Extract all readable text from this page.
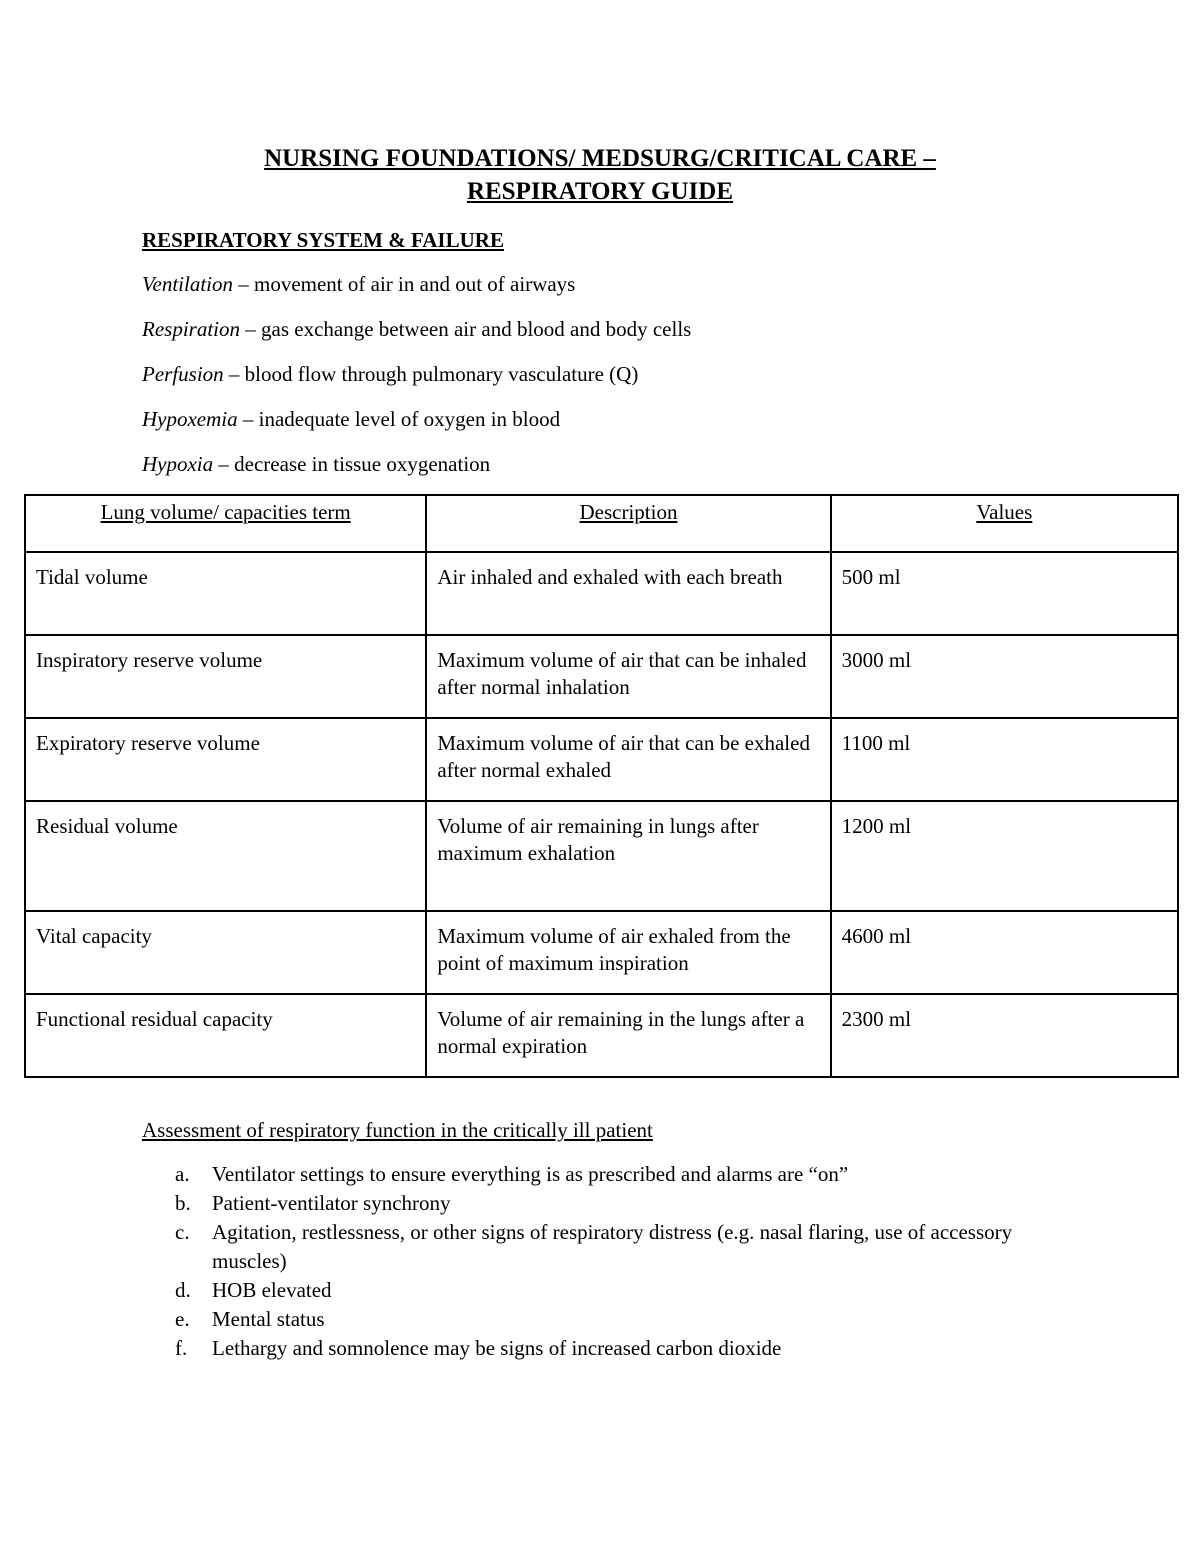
NURSING FOUNDATIONS/ MEDSURG/CRITICAL CARE –
RESPIRATORY GUIDE
RESPIRATORY SYSTEM & FAILURE
Ventilation – movement of air in and out of airways
Respiration – gas exchange between air and blood and body cells
Perfusion – blood flow through pulmonary vasculature (Q)
Hypoxemia – inadequate level of oxygen in blood
Hypoxia – decrease in tissue oxygenation
Lung volume/ capacities term	Description	Values
Tidal volume	Air inhaled and exhaled with each breath	500 ml
Inspiratory reserve volume	Maximum volume of air that can be inhaled after normal inhalation	3000 ml
Expiratory reserve volume	Maximum volume of air that can be exhaled after normal exhaled	1100 ml
Residual volume	Volume of air remaining in lungs after maximum exhalation	1200 ml
Vital capacity	Maximum volume of air exhaled from the point of maximum inspiration	4600 ml
Functional residual capacity	Volume of air remaining in the lungs after a normal expiration	2300 ml
Assessment of respiratory function in the critically ill patient
a. Ventilator settings to ensure everything is as prescribed and alarms are “on”
b. Patient-ventilator synchrony
c. Agitation, restlessness, or other signs of respiratory distress (e.g. nasal flaring, use of accessory muscles)
d. HOB elevated
e. Mental status
f. Lethargy and somnolence may be signs of increased carbon dioxide
